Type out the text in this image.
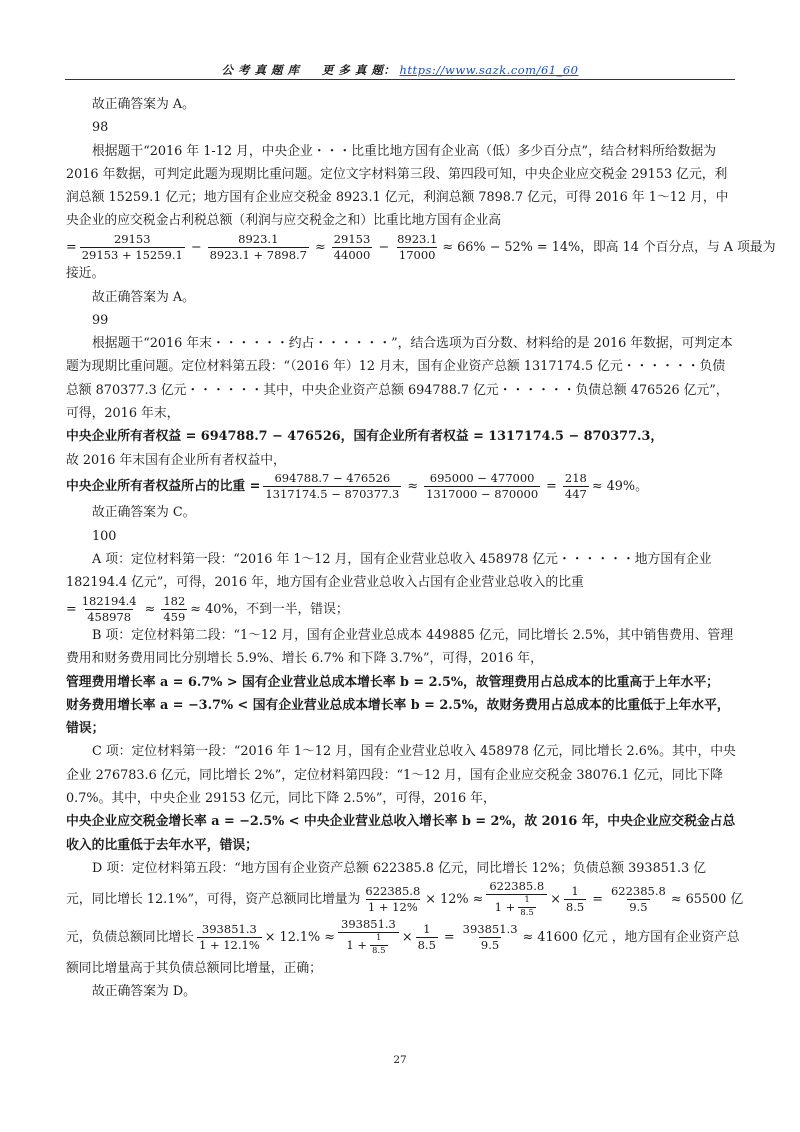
公 考 真 题 库 更 多 真 题： https://www.sazk.com/61_60

故正确答案为 A。

98

根据题干“2016 年 1-12 月，中央企业・・・比重比地方国有企业高（低）多少百分点”，结合材料所给数据为 2016 年数据，可判定此题为现期比重问题。定位文字材料第三段、第四段可知，中央企业应交税金 29153 亿元，利润总额 15259.1 亿元；地方国有企业应交税金 8923.1 亿元，利润总额 7898.7 亿元，可得 2016 年 1～12 月，中央企业的应交税金占利税总额（利润与应交税金之和）比重比地方国有企业高

= $\frac{29153}{29153 + 15259.1} - \frac{8923.1}{8923.1 + 7898.7} \approx \frac{29153}{44000} - \frac{8923.1}{17000} \approx 66\% - 52\% = 14\%$，即高 14 个百分点，与 A 项最为

接近。

故正确答案为 A。

99

根据题干“2016 年末・・・・・・约占・・・・・・”，结合选项为百分数、材料给的是 2016 年数据，可判定本题为现期比重问题。定位材料第五段：“（2016 年）12 月末，国有企业资产总额 1317174.5 亿元・・・・・・负债总额 870377.3 亿元・・・・・・其中，中央企业资产总额 694788.7 亿元・・・・・・负债总额 476526 亿元”，可得，2016 年末，

中央企业所有者权益 = 694788.7 − 476526，国有企业所有者权益 = 1317174.5 − 870377.3，

故 2016 年末国有企业所有者权益中，

中央企业所有者权益所占的比重 = $\frac{694788.7 - 476526}{1317174.5 - 870377.3} \approx \frac{695000 - 477000}{1317000 - 870000} = \frac{218}{447} \approx 49\%$。

故正确答案为 C。

100

A 项：定位材料第一段：“2016 年 1～12 月，国有企业营业总收入 458978 亿元・・・・・・地方国有企业 182194.4 亿元”，可得，2016 年，地方国有企业营业总收入占国有企业营业总收入的比重

= $\frac{182194.4}{458978} \approx \frac{182}{459} \approx 40\%$，不到一半，错误；

B 项：定位材料第二段：“1～12 月，国有企业营业总成本 449885 亿元，同比增长 2.5%，其中销售费用、管理费用和财务费用同比分别增长 5.9%、增长 6.7% 和下降 3.7%”，可得，2016 年，

管理费用增长率 a = 6.7% > 国有企业营业总成本增长率 b = 2.5%，故管理费用占总成本的比重高于上年水平；

财务费用增长率 a = −3.7% < 国有企业营业总成本增长率 b = 2.5%，故财务费用占总成本的比重低于上年水平，错误；

C 项：定位材料第一段：“2016 年 1～12 月，国有企业营业总收入 458978 亿元，同比增长 2.6%。其中，中央企业 276783.6 亿元，同比增长 2%”，定位材料第四段：“1～12 月，国有企业应交税金 38076.1 亿元，同比下降 0.7%。其中，中央企业 29153 亿元，同比下降 2.5%”，可得，2016 年，

中央企业应交税金增长率 a = −2.5% < 中央企业营业总收入增长率 b = 2%，故 2016 年，中央企业应交税金占总收入的比重低于去年水平，错误；

D 项：定位材料第五段：“地方国有企业资产总额 622385.8 亿元，同比增长 12%；负债总额 393851.3 亿

元，同比增长 12.1%”，可得，资产总额同比增量为 $\frac{622385.8}{1 + 12\%} \times 12\% \approx \frac{622385.8}{1 + \frac{1}{8.5}} \times \frac{1}{8.5} = \frac{622385.8}{9.5} \approx 65500$ 亿
元，负债总额同比增长 $\frac{393851.3}{1 + 12.1\%} \times 12.1\% \approx \frac{393851.3}{1 + \frac{1}{8.5}} \times \frac{1}{8.5} = \frac{393851.3}{9.5} \approx 41600$ 亿元 ，地方国有企业资产总

额同比增量高于其负债总额同比增量，正确；

故正确答案为 D。

27
